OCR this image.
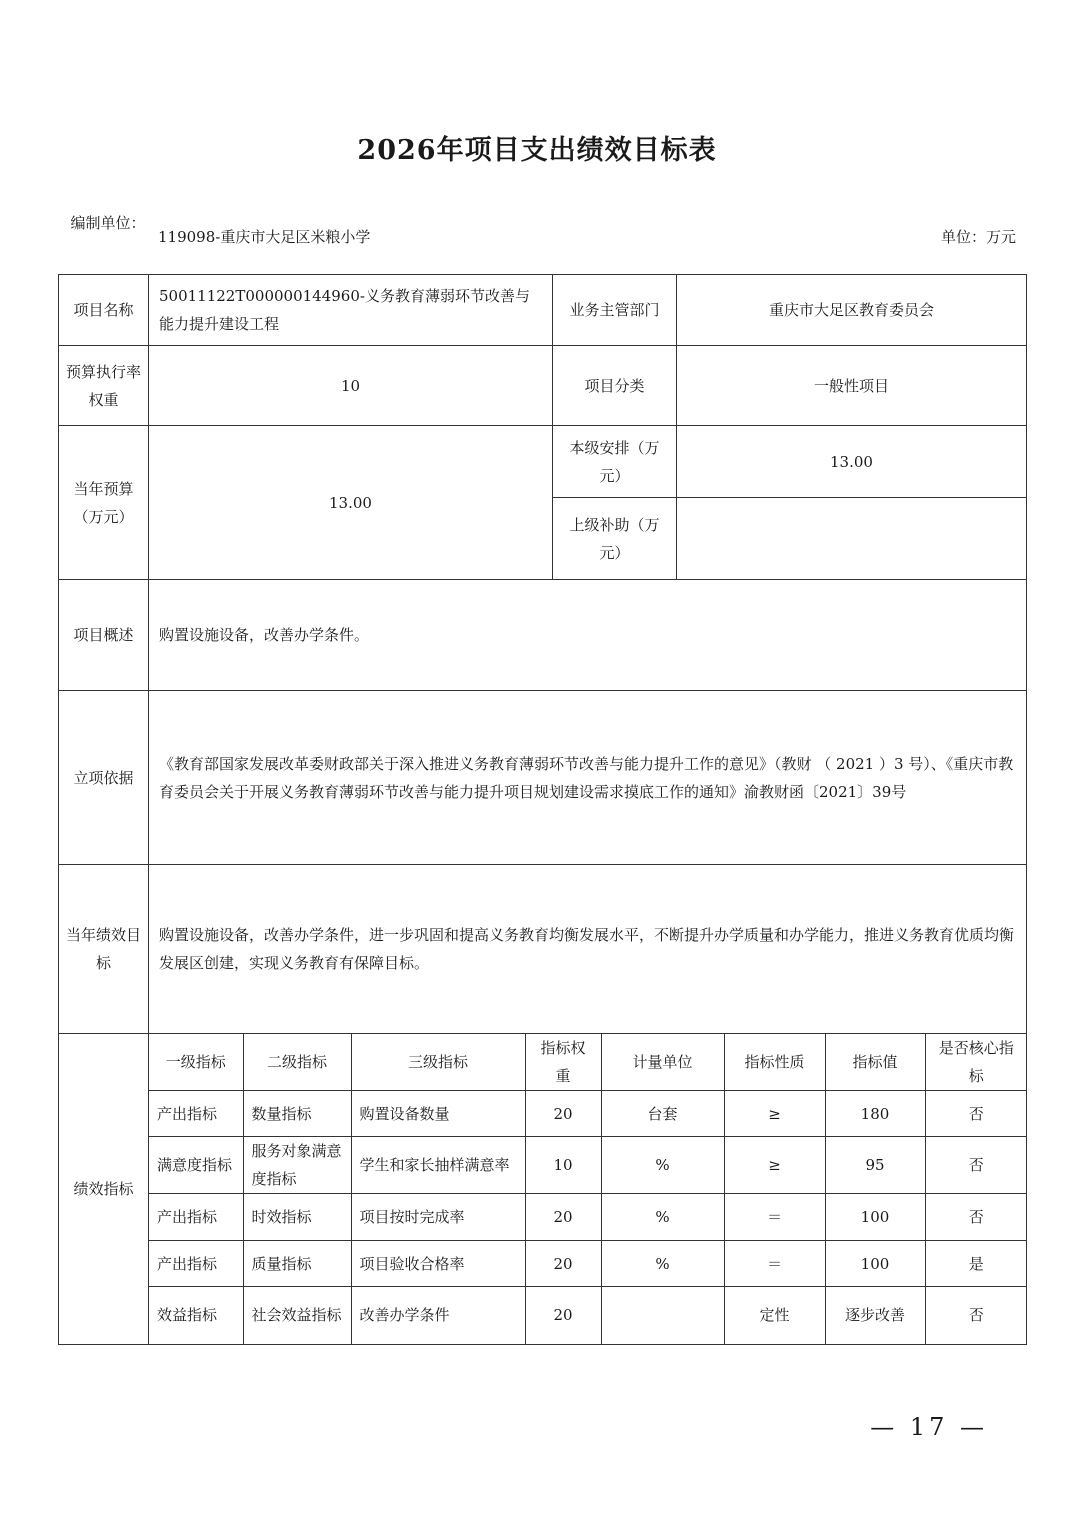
2026年项目支出绩效目标表
编制单位：
119098-重庆市大足区米粮小学	单位：万元
项目名称	50011122T000000144960-义务教育薄弱环节改善与能力提升建设工程	业务主管部门	重庆市大足区教育委员会
预算执行率权重	10	项目分类	一般性项目
当年预算（万元）	13.00	本级安排（万元）	13.00
上级补助（万元）	
项目概述	购置设施设备，改善办学条件。
立项依据	《教育部国家发展改革委财政部关于深入推进义务教育薄弱环节改善与能力提升工作的意见》（教财 （ 2021 ）3 号）、《重庆市教育委员会关于开展义务教育薄弱环节改善与能力提升项目规划建设需求摸底工作的通知》渝教财函〔2021〕39号
当年绩效目标	购置设施设备，改善办学条件，进一步巩固和提高义务教育均衡发展水平，不断提升办学质量和办学能力，推进义务教育优质均衡发展区创建，实现义务教育有保障目标。
绩效指标	
一级指标	二级指标	三级指标	指标权重	计量单位	指标性质	指标值	是否核心指标
产出指标	数量指标	购置设备数量	20	台套	≥	180	否
满意度指标	服务对象满意度指标	学生和家长抽样满意率	10	%	≥	95	否
产出指标	时效指标	项目按时完成率	20	%	＝	100	否
产出指标	质量指标	项目验收合格率	20	%	＝	100	是
效益指标	社会效益指标	改善办学条件	20		定性	逐步改善	否
— 17 —
